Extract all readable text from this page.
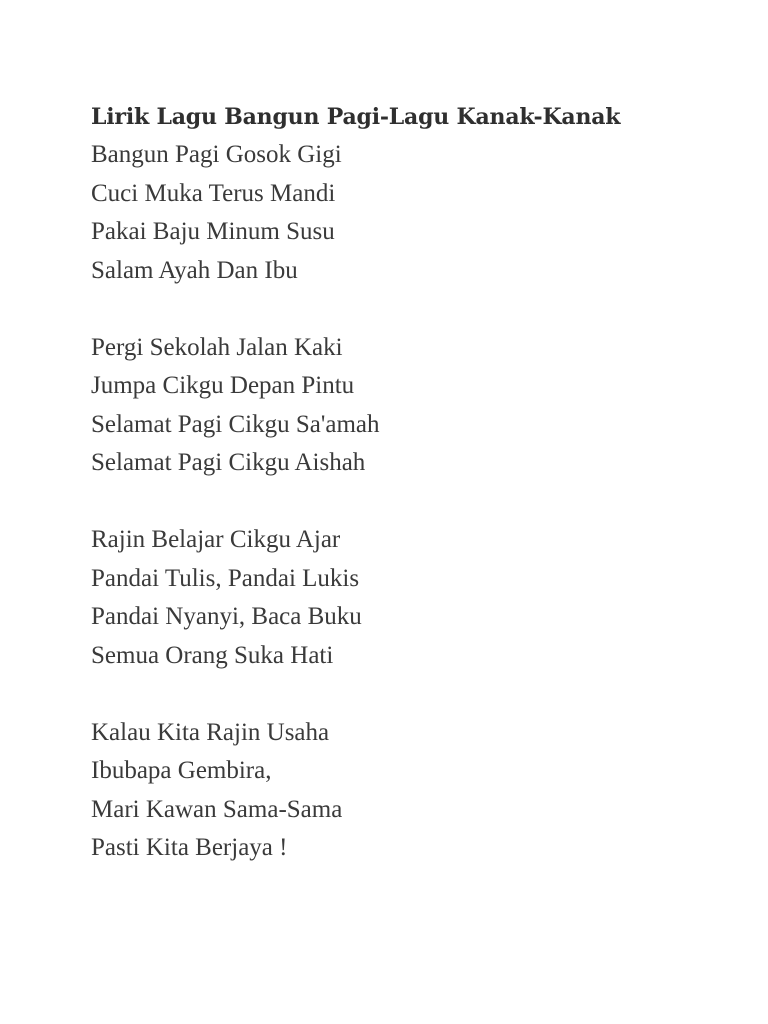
Lirik Lagu Bangun Pagi-Lagu Kanak-Kanak
Bangun Pagi Gosok Gigi
Cuci Muka Terus Mandi
Pakai Baju Minum Susu
Salam Ayah Dan Ibu
Pergi Sekolah Jalan Kaki
Jumpa Cikgu Depan Pintu
Selamat Pagi Cikgu Sa'amah
Selamat Pagi Cikgu Aishah
Rajin Belajar Cikgu Ajar
Pandai Tulis, Pandai Lukis
Pandai Nyanyi, Baca Buku
Semua Orang Suka Hati
Kalau Kita Rajin Usaha
Ibubapa Gembira,
Mari Kawan Sama-Sama
Pasti Kita Berjaya !
